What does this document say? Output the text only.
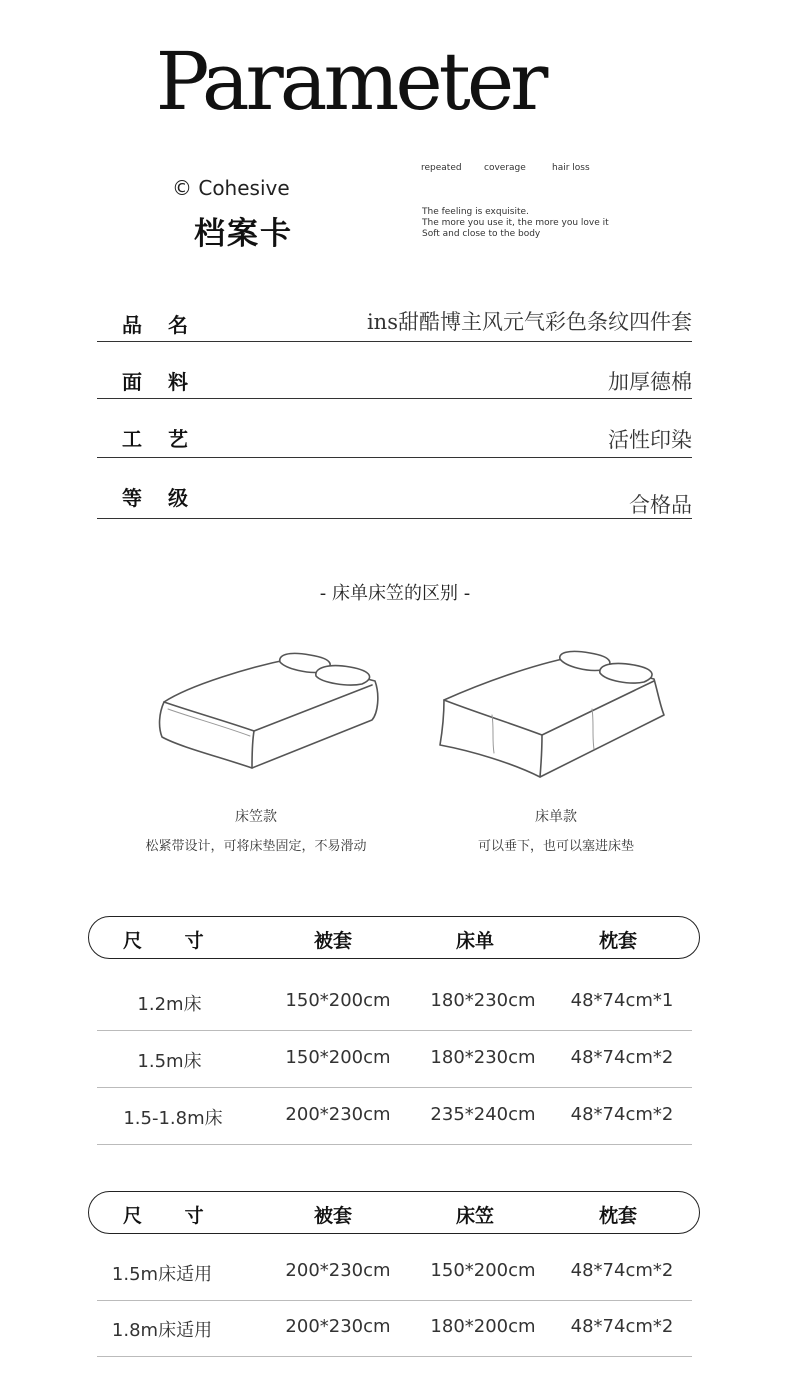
Parameter
© Cohesive
档案卡
repeated coverage	hair loss
The feeling is exquisite.
The more you use it, the more you love it
Soft and close to the body
品名	ins甜酷博主风元气彩色条纹四件套
面料	加厚德棉
工艺	活性印染
等级	合格品
- 床单床笠的区别 -
床笠款
松紧带设计，可将床垫固定，不易滑动
床单款
可以垂下，也可以塞进床垫
尺 寸	被套	床单	枕套
1.2m床	150*200cm	180*230cm	48*74cm*1
1.5m床	150*200cm	180*230cm	48*74cm*2
1.5-1.8m床	200*230cm	235*240cm	48*74cm*2
尺 寸	被套	床笠	枕套
1.5m床适用	200*230cm	150*200cm	48*74cm*2
1.8m床适用	200*230cm	180*200cm	48*74cm*2
